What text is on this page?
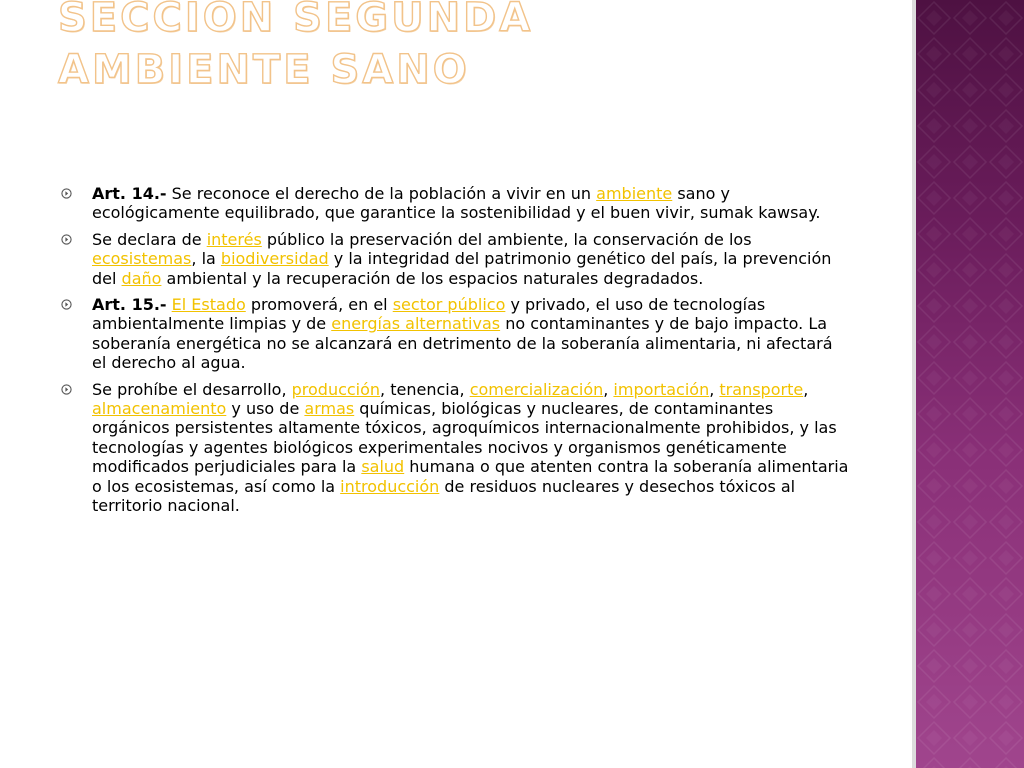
SECCION SEGUNDA
AMBIENTE SANO
Art. 14.- Se reconoce el derecho de la población a vivir en un ambiente sano y ecológicamente equilibrado, que garantice la sostenibilidad y el buen vivir, sumak kawsay.
Se declara de interés público la preservación del ambiente, la conservación de los ecosistemas, la biodiversidad y la integridad del patrimonio genético del país, la prevención del daño ambiental y la recuperación de los espacios naturales degradados.
Art. 15.- El Estado promoverá, en el sector público y privado, el uso de tecnologías ambientalmente limpias y de energías alternativas no contaminantes y de bajo impacto. La soberanía energética no se alcanzará en detrimento de la soberanía alimentaria, ni afectará el derecho al agua.
Se prohíbe el desarrollo, producción, tenencia, comercialización, importación, transporte, almacenamiento y uso de armas químicas, biológicas y nucleares, de contaminantes orgánicos persistentes altamente tóxicos, agroquímicos internacionalmente prohibidos, y las tecnologías y agentes biológicos experimentales nocivos y organismos genéticamente modificados perjudiciales para la salud humana o que atenten contra la soberanía alimentaria o los ecosistemas, así como la introducción de residuos nucleares y desechos tóxicos al territorio nacional.
